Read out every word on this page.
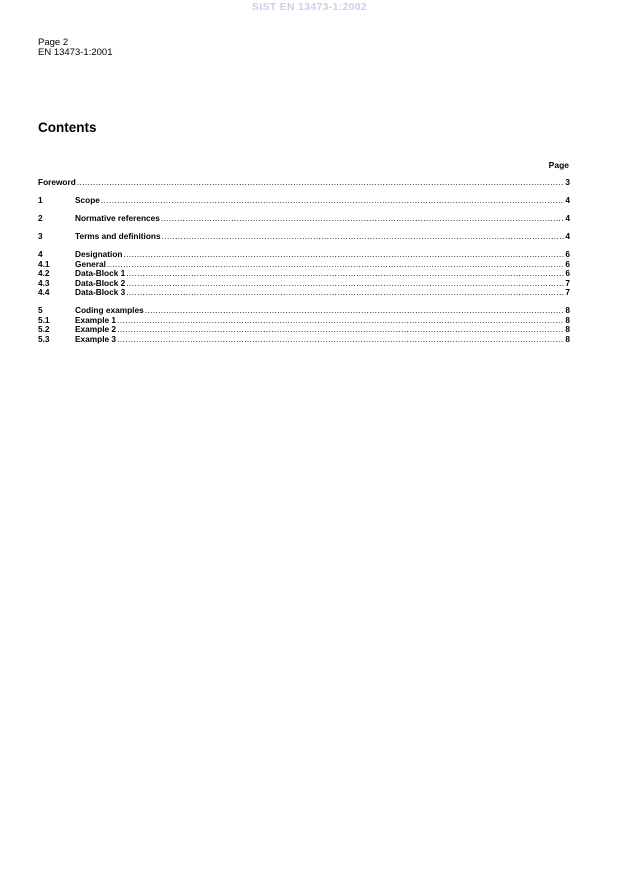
SIST EN 13473-1:2002
Page 2
EN 13473-1:2001
Contents
Page
Foreword .....	3
1	Scope .....	4
2	Normative references .....	4
3	Terms and definitions .....	4
4	Designation .....	6
4.1	General .....	6
4.2	Data-Block 1 .....	6
4.3	Data-Block 2 .....	7
4.4	Data-Block 3 .....	7
5	Coding examples .....	8
5.1	Example 1 .....	8
5.2	Example 2 .....	8
5.3	Example 3 .....	8
